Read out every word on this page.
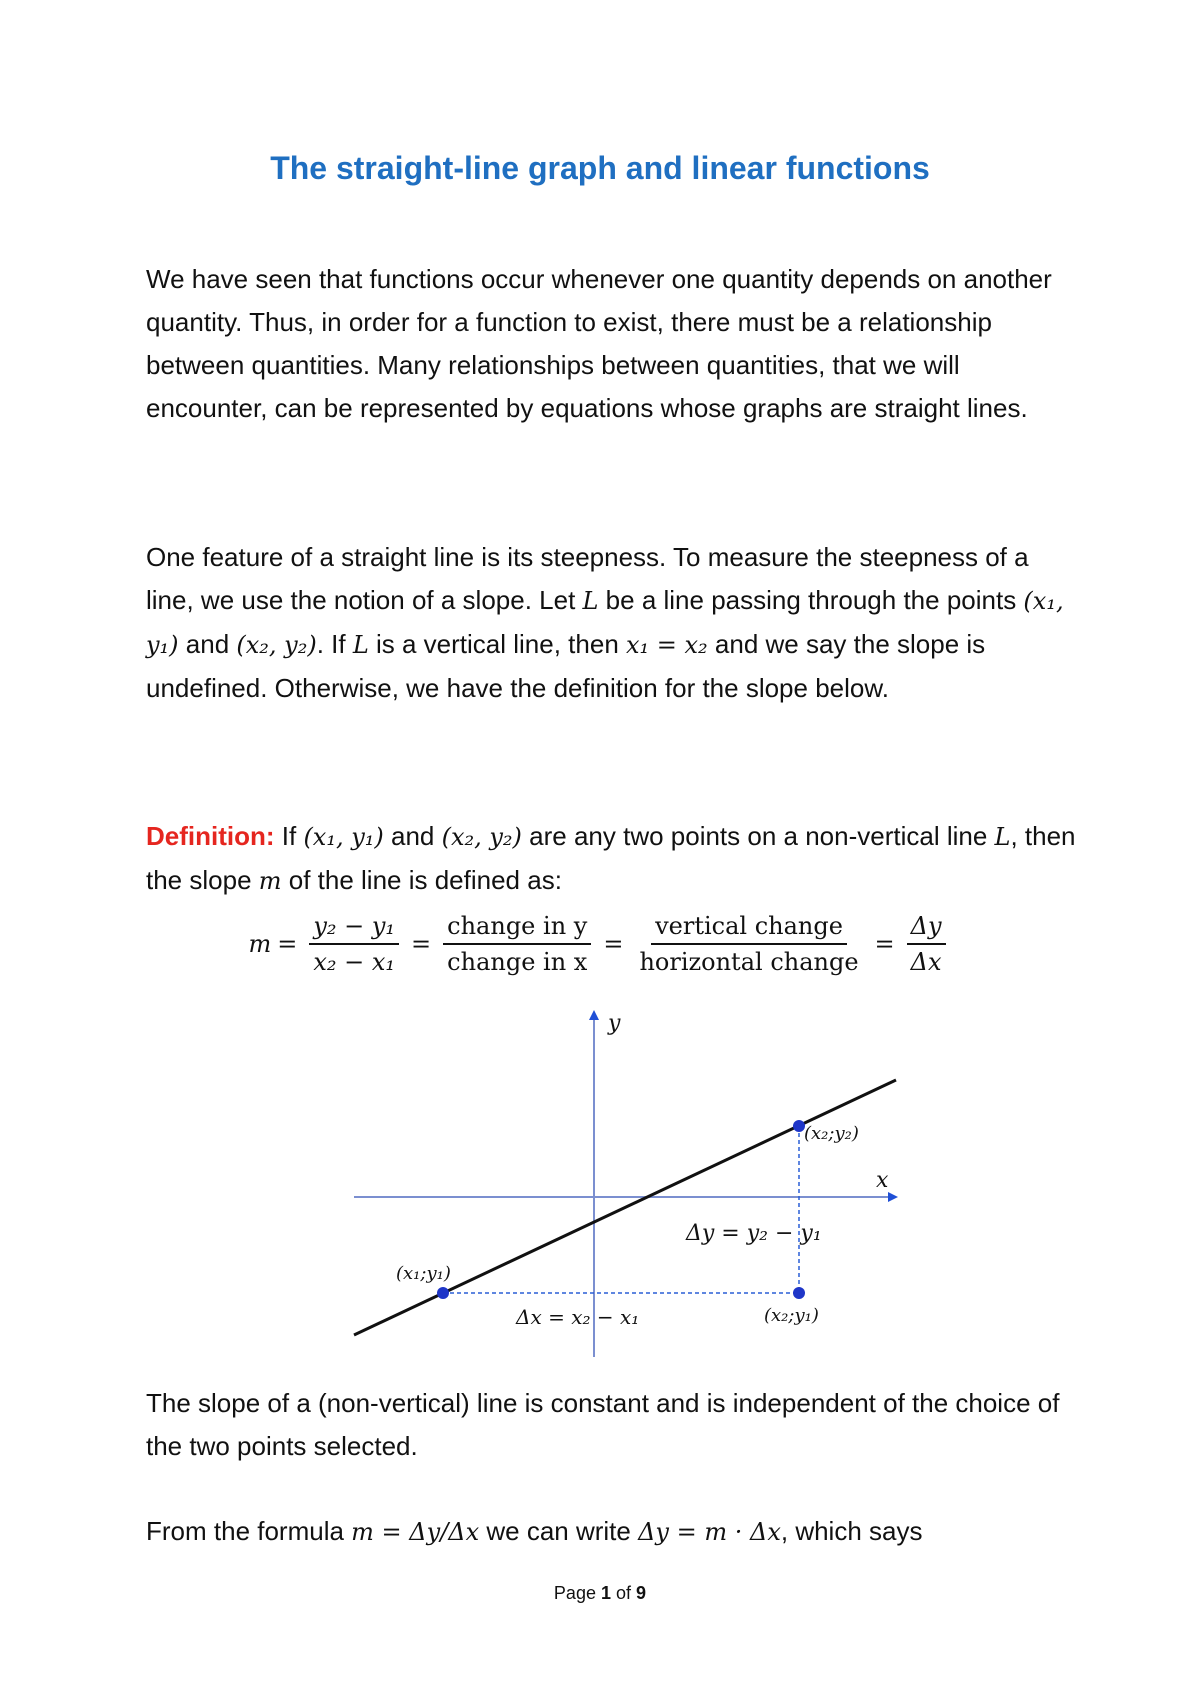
The straight-line graph and linear functions
We have seen that functions occur whenever one quantity depends on another quantity. Thus, in order for a function to exist, there must be a relationship between quantities. Many relationships between quantities, that we will encounter, can be represented by equations whose graphs are straight lines.
One feature of a straight line is its steepness. To measure the steepness of a line, we use the notion of a slope. Let L be a line passing through the points (x₁, y₁) and (x₂, y₂). If L is a vertical line, then x₁ = x₂ and we say the slope is undefined. Otherwise, we have the definition for the slope below.
Definition: If (x₁, y₁) and (x₂, y₂) are any two points on a non-vertical line L, then the slope m of the line is defined as:
$m = \frac{\text{y₂ − y₁}}{\text{x₂ − x₁}} = \frac{\text{change in y}}{\text{change in x}} = \frac{\text{vertical change}}{\text{horizontal change}} = \frac{\Delta y}{\Delta x}$
y
x
(x₁;y₁)
(x₂;y₂)
(x₂;y₁)
Δy = y₂ − y₁
Δx = x₂ − x₁
The slope of a (non-vertical) line is constant and is independent of the choice of the two points selected.
From the formula m = Δy/Δx we can write Δy = m · Δx, which says
Page 1 of 9
